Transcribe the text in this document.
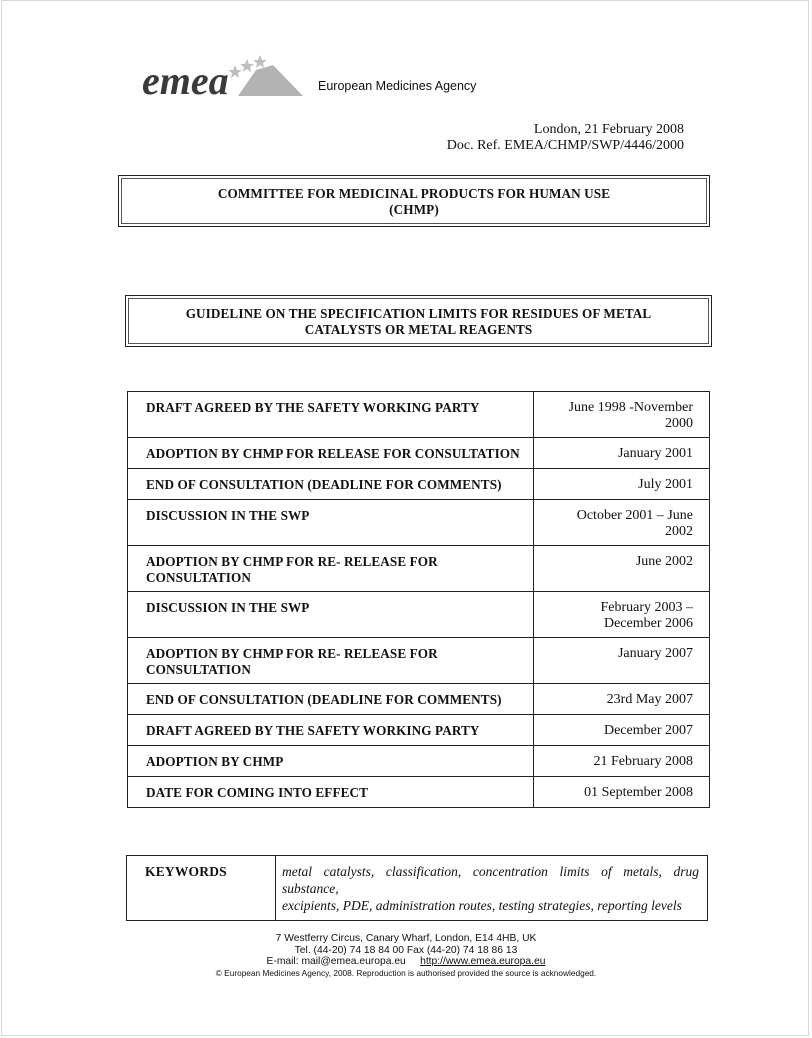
emea	European Medicines Agency
London, 21 February 2008
Doc. Ref. EMEA/CHMP/SWP/4446/2000
COMMITTEE FOR MEDICINAL PRODUCTS FOR HUMAN USE
(CHMP)
GUIDELINE ON THE SPECIFICATION LIMITS FOR RESIDUES OF METAL
CATALYSTS OR METAL REAGENTS
DRAFT AGREED BY THE SAFETY WORKING PARTY	June 1998 -November
2000
ADOPTION BY CHMP FOR RELEASE FOR CONSULTATION	January 2001
END OF CONSULTATION (DEADLINE FOR COMMENTS)	July 2001
DISCUSSION IN THE SWP	October 2001 – June
2002
ADOPTION BY CHMP FOR RE- RELEASE FOR
CONSULTATION	June 2002
DISCUSSION IN THE SWP	February 2003 –
December 2006
ADOPTION BY CHMP FOR RE- RELEASE FOR
CONSULTATION	January 2007
END OF CONSULTATION (DEADLINE FOR COMMENTS)	23rd May 2007
DRAFT AGREED BY THE SAFETY WORKING PARTY	December 2007
ADOPTION BY CHMP	21 February 2008
DATE FOR COMING INTO EFFECT	01 September 2008
KEYWORDS	metal catalysts, classification, concentration limits of metals, drug substance,
excipients, PDE, administration routes, testing strategies, reporting levels
7 Westferry Circus, Canary Wharf, London, E14 4HB, UK
Tel. (44-20) 74 18 84 00 Fax (44-20) 74 18 86 13
E-mail: mail@emea.europa.eu http://www.emea.europa.eu
© European Medicines Agency, 2008. Reproduction is authorised provided the source is acknowledged.
